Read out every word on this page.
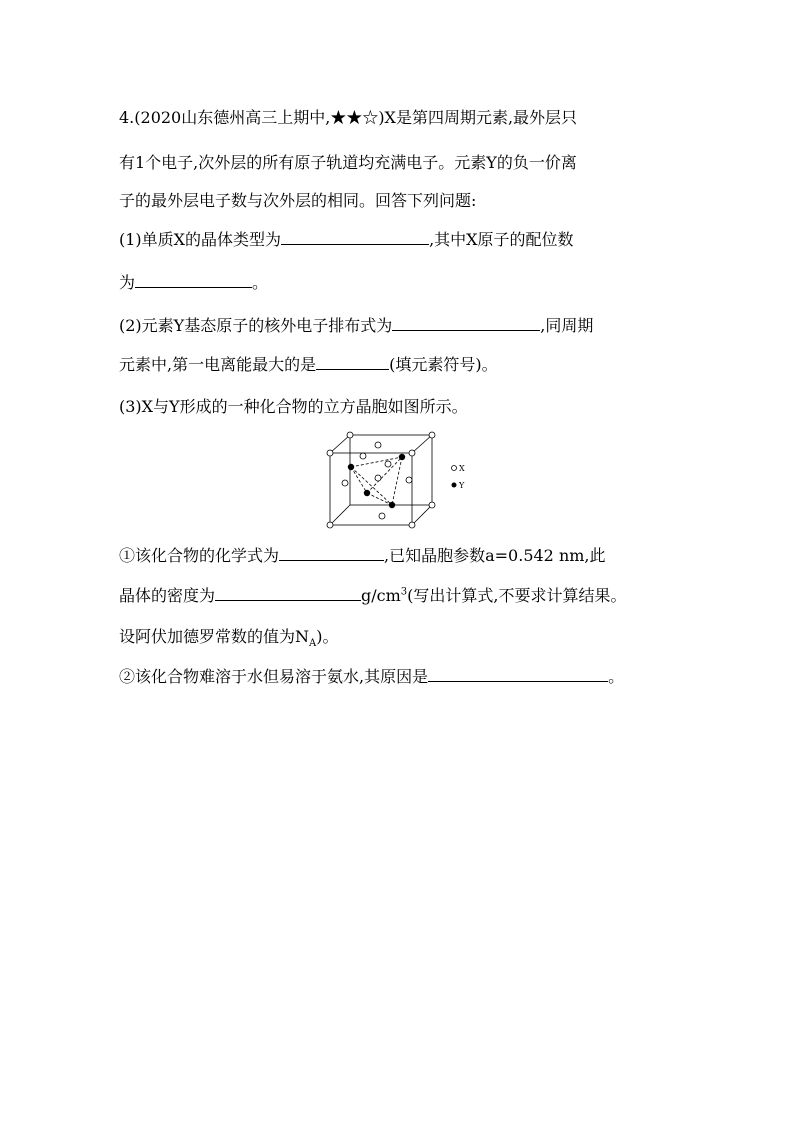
4.(2020山东德州高三上期中,★★☆)X是第四周期元素,最外层只
有1个电子,次外层的所有原子轨道均充满电子。元素Y的负一价离
子的最外层电子数与次外层的相同。回答下列问题:
(1)单质X的晶体类型为	,其中X原子的配位数
为	。
(2)元素Y基态原子的核外电子排布式为	,同周期
元素中,第一电离能最大的是	(填元素符号)。
(3)X与Y形成的一种化合物的立方晶胞如图所示。
X
Y
①该化合物的化学式为	,已知晶胞参数a=0.542 nm,此
晶体的密度为	$g/cm^3$(写出计算式,不要求计算结果。
设阿伏加德罗常数的值为$N_A$)。
②该化合物难溶于水但易溶于氨水,其原因是	。
